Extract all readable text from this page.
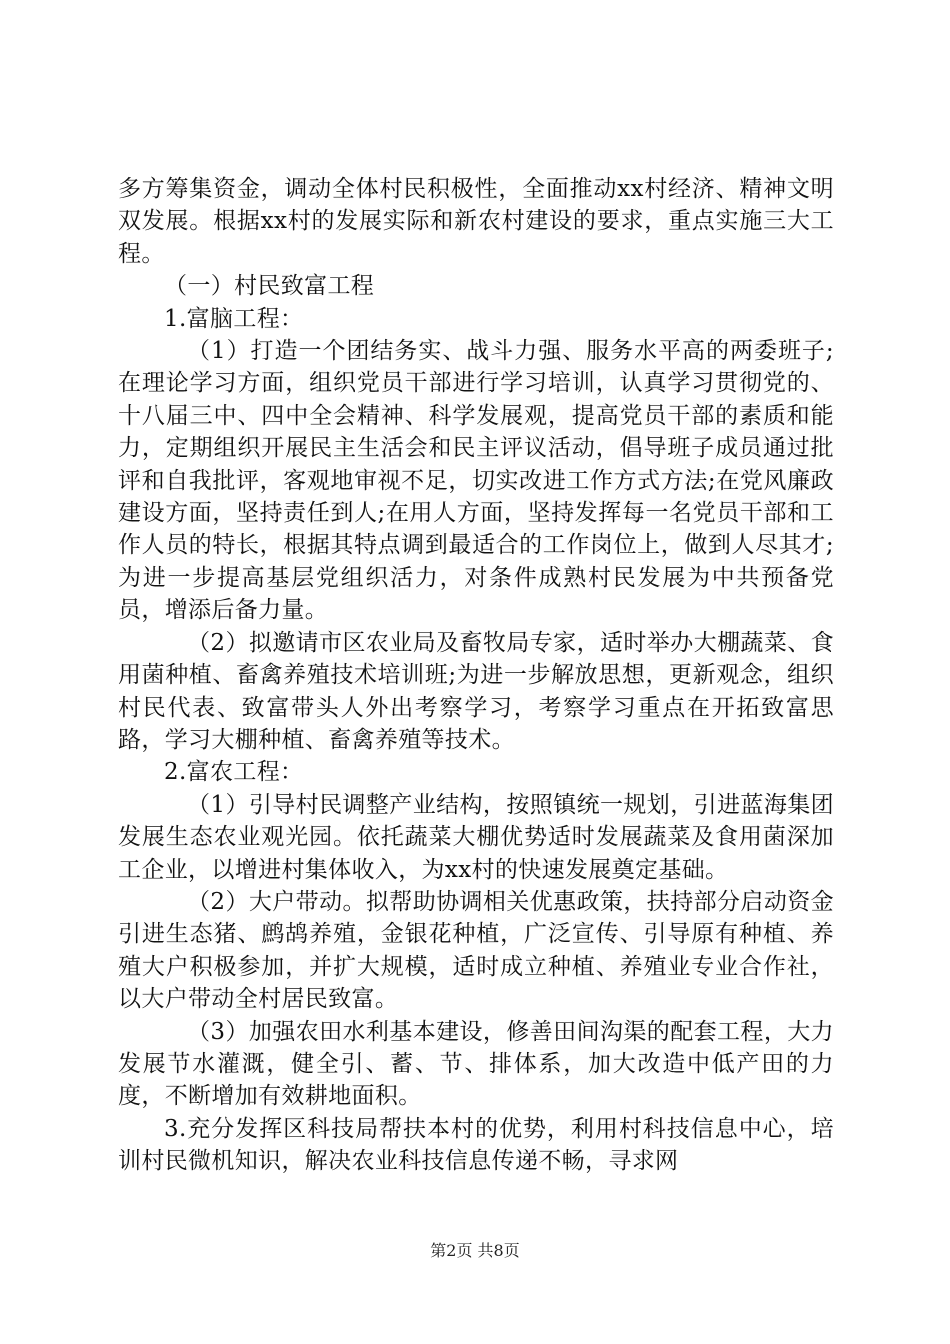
多方筹集资金，调动全体村民积极性，全面推动xx村经济、精神文明双发展。根据xx村的发展实际和新农村建设的要求，重点实施三大工程。

（一）村民致富工程

1.富脑工程：

（1）打造一个团结务实、战斗力强、服务水平高的两委班子;在理论学习方面，组织党员干部进行学习培训，认真学习贯彻党的、十八届三中、四中全会精神、科学发展观，提高党员干部的素质和能力，定期组织开展民主生活会和民主评议活动，倡导班子成员通过批评和自我批评，客观地审视不足，切实改进工作方式方法;在党风廉政建设方面，坚持责任到人;在用人方面，坚持发挥每一名党员干部和工作人员的特长，根据其特点调到最适合的工作岗位上，做到人尽其才;为进一步提高基层党组织活力，对条件成熟村民发展为中共预备党员，增添后备力量。

（2）拟邀请市区农业局及畜牧局专家，适时举办大棚蔬菜、食用菌种植、畜禽养殖技术培训班;为进一步解放思想，更新观念，组织村民代表、致富带头人外出考察学习，考察学习重点在开拓致富思路，学习大棚种植、畜禽养殖等技术。

2.富农工程：

（1）引导村民调整产业结构，按照镇统一规划，引进蓝海集团发展生态农业观光园。依托蔬菜大棚优势适时发展蔬菜及食用菌深加工企业，以增进村集体收入，为xx村的快速发展奠定基础。

（2）大户带动。拟帮助协调相关优惠政策，扶持部分启动资金引进生态猪、鹧鸪养殖，金银花种植，广泛宣传、引导原有种植、养殖大户积极参加，并扩大规模，适时成立种植、养殖业专业合作社，以大户带动全村居民致富。

（3）加强农田水利基本建设，修善田间沟渠的配套工程，大力发展节水灌溉，健全引、蓄、节、排体系，加大改造中低产田的力度，不断增加有效耕地面积。

3.充分发挥区科技局帮扶本村的优势，利用村科技信息中心，培训村民微机知识，解决农业科技信息传递不畅，寻求网

第2页 共8页
